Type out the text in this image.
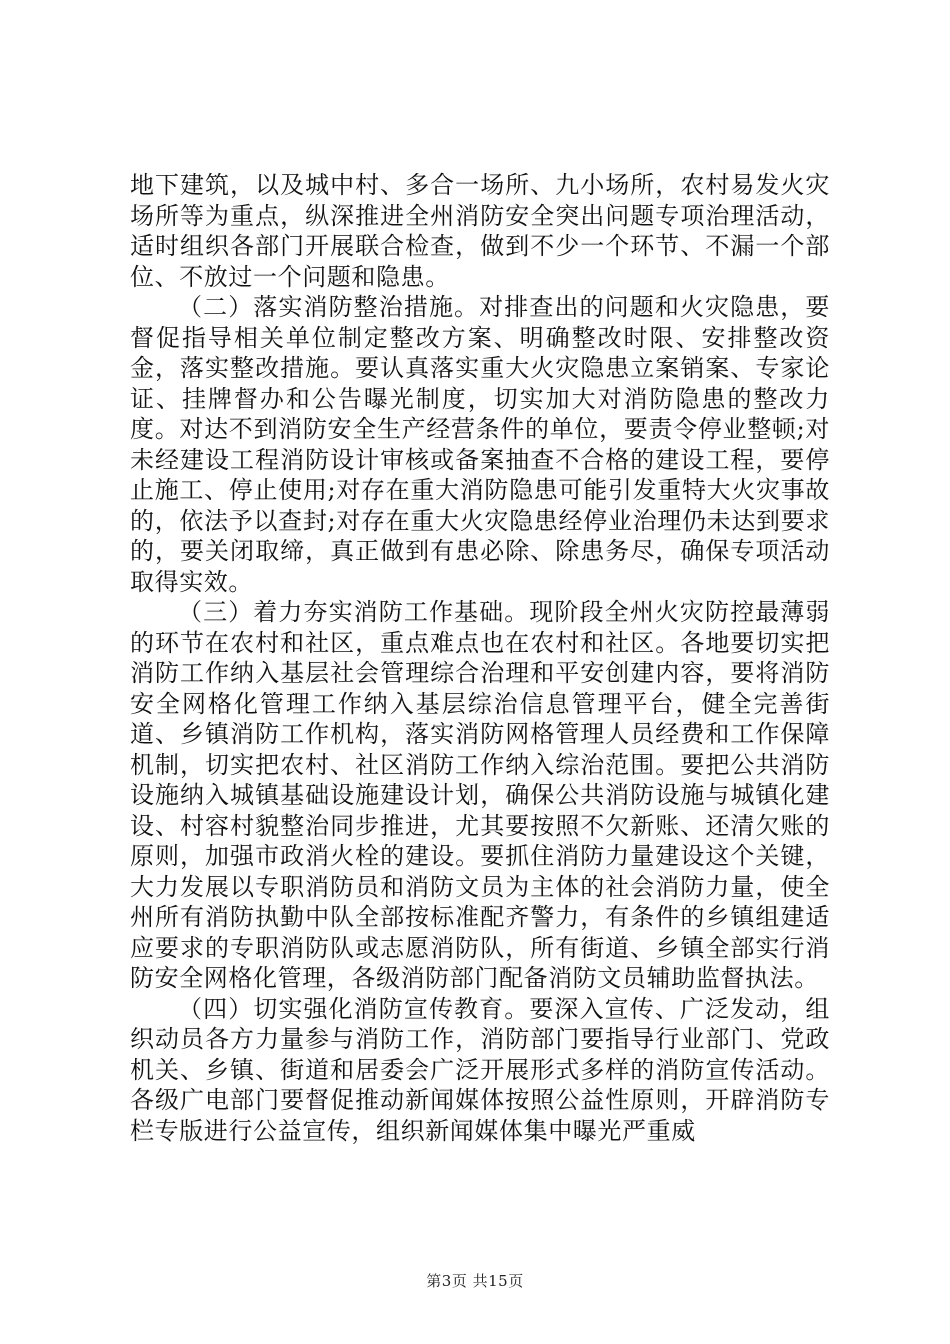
地下建筑，以及城中村、多合一场所、九小场所，农村易发火灾场所等为重点，纵深推进全州消防安全突出问题专项治理活动，适时组织各部门开展联合检查，做到不少一个环节、不漏一个部位、不放过一个问题和隐患。

（二）落实消防整治措施。对排查出的问题和火灾隐患，要督促指导相关单位制定整改方案、明确整改时限、安排整改资金，落实整改措施。要认真落实重大火灾隐患立案销案、专家论证、挂牌督办和公告曝光制度，切实加大对消防隐患的整改力度。对达不到消防安全生产经营条件的单位，要责令停业整顿;对未经建设工程消防设计审核或备案抽查不合格的建设工程，要停止施工、停止使用;对存在重大消防隐患可能引发重特大火灾事故的，依法予以查封;对存在重大火灾隐患经停业治理仍未达到要求的，要关闭取缔，真正做到有患必除、除患务尽，确保专项活动取得实效。

（三）着力夯实消防工作基础。现阶段全州火灾防控最薄弱的环节在农村和社区，重点难点也在农村和社区。各地要切实把消防工作纳入基层社会管理综合治理和平安创建内容，要将消防安全网格化管理工作纳入基层综治信息管理平台，健全完善街道、乡镇消防工作机构，落实消防网格管理人员经费和工作保障机制，切实把农村、社区消防工作纳入综治范围。要把公共消防设施纳入城镇基础设施建设计划，确保公共消防设施与城镇化建设、村容村貌整治同步推进，尤其要按照不欠新账、还清欠账的原则，加强市政消火栓的建设。要抓住消防力量建设这个关键，大力发展以专职消防员和消防文员为主体的社会消防力量，使全州所有消防执勤中队全部按标准配齐警力，有条件的乡镇组建适应要求的专职消防队或志愿消防队，所有街道、乡镇全部实行消防安全网格化管理，各级消防部门配备消防文员辅助监督执法。

（四）切实强化消防宣传教育。要深入宣传、广泛发动，组织动员各方力量参与消防工作，消防部门要指导行业部门、党政机关、乡镇、街道和居委会广泛开展形式多样的消防宣传活动。各级广电部门要督促推动新闻媒体按照公益性原则，开辟消防专栏专版进行公益宣传，组织新闻媒体集中曝光严重威

第3页 共15页
